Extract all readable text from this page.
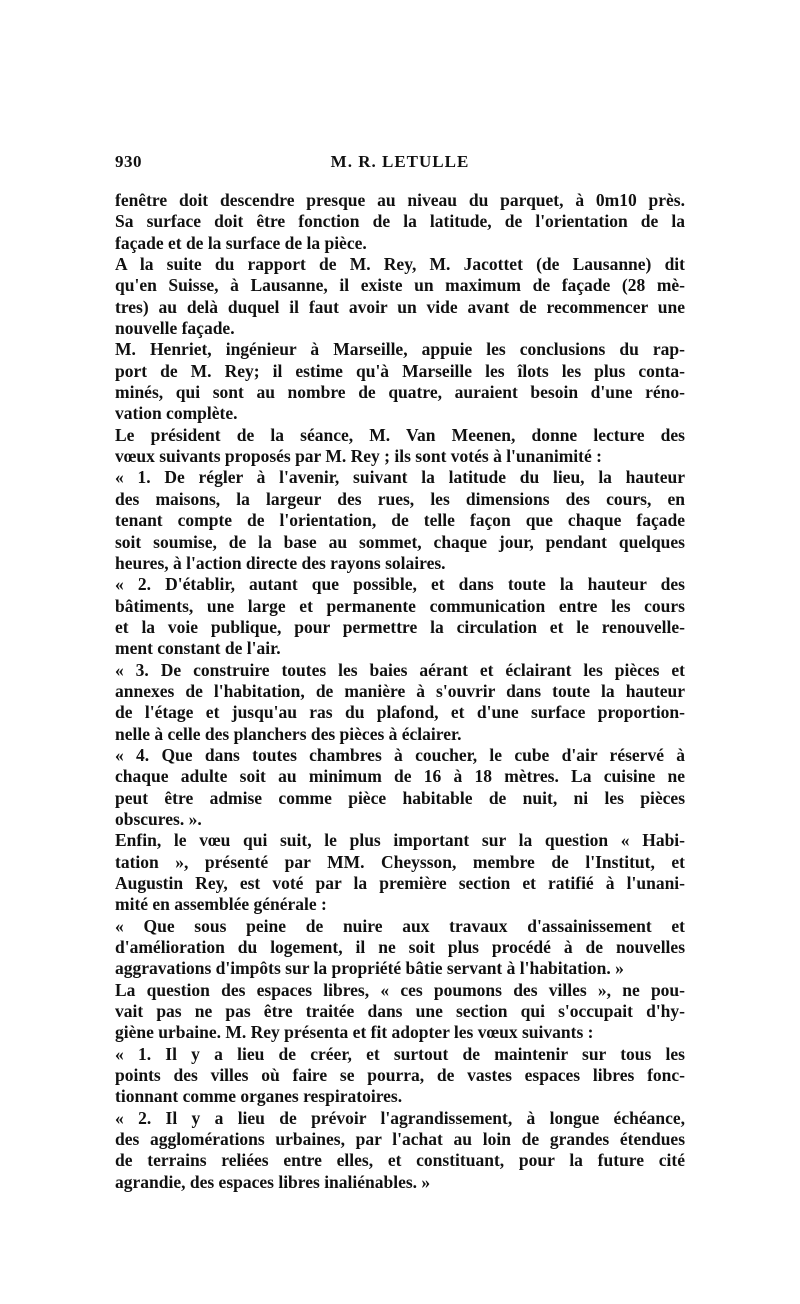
930	M. R. LETULLE
fenêtre doit descendre presque au niveau du parquet, à 0m10 près.
Sa surface doit être fonction de la latitude, de l'orientation de la
façade et de la surface de la pièce.
A la suite du rapport de M. Rey, M. Jacottet (de Lausanne) dit
qu'en Suisse, à Lausanne, il existe un maximum de façade (28 mè-
tres) au delà duquel il faut avoir un vide avant de recommencer une
nouvelle façade.
M. Henriet, ingénieur à Marseille, appuie les conclusions du rap-
port de M. Rey; il estime qu'à Marseille les îlots les plus conta-
minés, qui sont au nombre de quatre, auraient besoin d'une réno-
vation complète.
Le président de la séance, M. Van Meenen, donne lecture des
vœux suivants proposés par M. Rey ; ils sont votés à l'unanimité :
« 1. De régler à l'avenir, suivant la latitude du lieu, la hauteur
des maisons, la largeur des rues, les dimensions des cours, en
tenant compte de l'orientation, de telle façon que chaque façade
soit soumise, de la base au sommet, chaque jour, pendant quelques
heures, à l'action directe des rayons solaires.
« 2. D'établir, autant que possible, et dans toute la hauteur des
bâtiments, une large et permanente communication entre les cours
et la voie publique, pour permettre la circulation et le renouvelle-
ment constant de l'air.
« 3. De construire toutes les baies aérant et éclairant les pièces et
annexes de l'habitation, de manière à s'ouvrir dans toute la hauteur
de l'étage et jusqu'au ras du plafond, et d'une surface proportion-
nelle à celle des planchers des pièces à éclairer.
« 4. Que dans toutes chambres à coucher, le cube d'air réservé à
chaque adulte soit au minimum de 16 à 18 mètres. La cuisine ne
peut être admise comme pièce habitable de nuit, ni les pièces
obscures. ».
Enfin, le vœu qui suit, le plus important sur la question « Habi-
tation », présenté par MM. Cheysson, membre de l'Institut, et
Augustin Rey, est voté par la première section et ratifié à l'unani-
mité en assemblée générale :
« Que sous peine de nuire aux travaux d'assainissement et
d'amélioration du logement, il ne soit plus procédé à de nouvelles
aggravations d'impôts sur la propriété bâtie servant à l'habitation. »
La question des espaces libres, « ces poumons des villes », ne pou-
vait pas ne pas être traitée dans une section qui s'occupait d'hy-
giène urbaine. M. Rey présenta et fit adopter les vœux suivants :
« 1. Il y a lieu de créer, et surtout de maintenir sur tous les
points des villes où faire se pourra, de vastes espaces libres fonc-
tionnant comme organes respiratoires.
« 2. Il y a lieu de prévoir l'agrandissement, à longue échéance,
des agglomérations urbaines, par l'achat au loin de grandes étendues
de terrains reliées entre elles, et constituant, pour la future cité
agrandie, des espaces libres inaliénables. »
